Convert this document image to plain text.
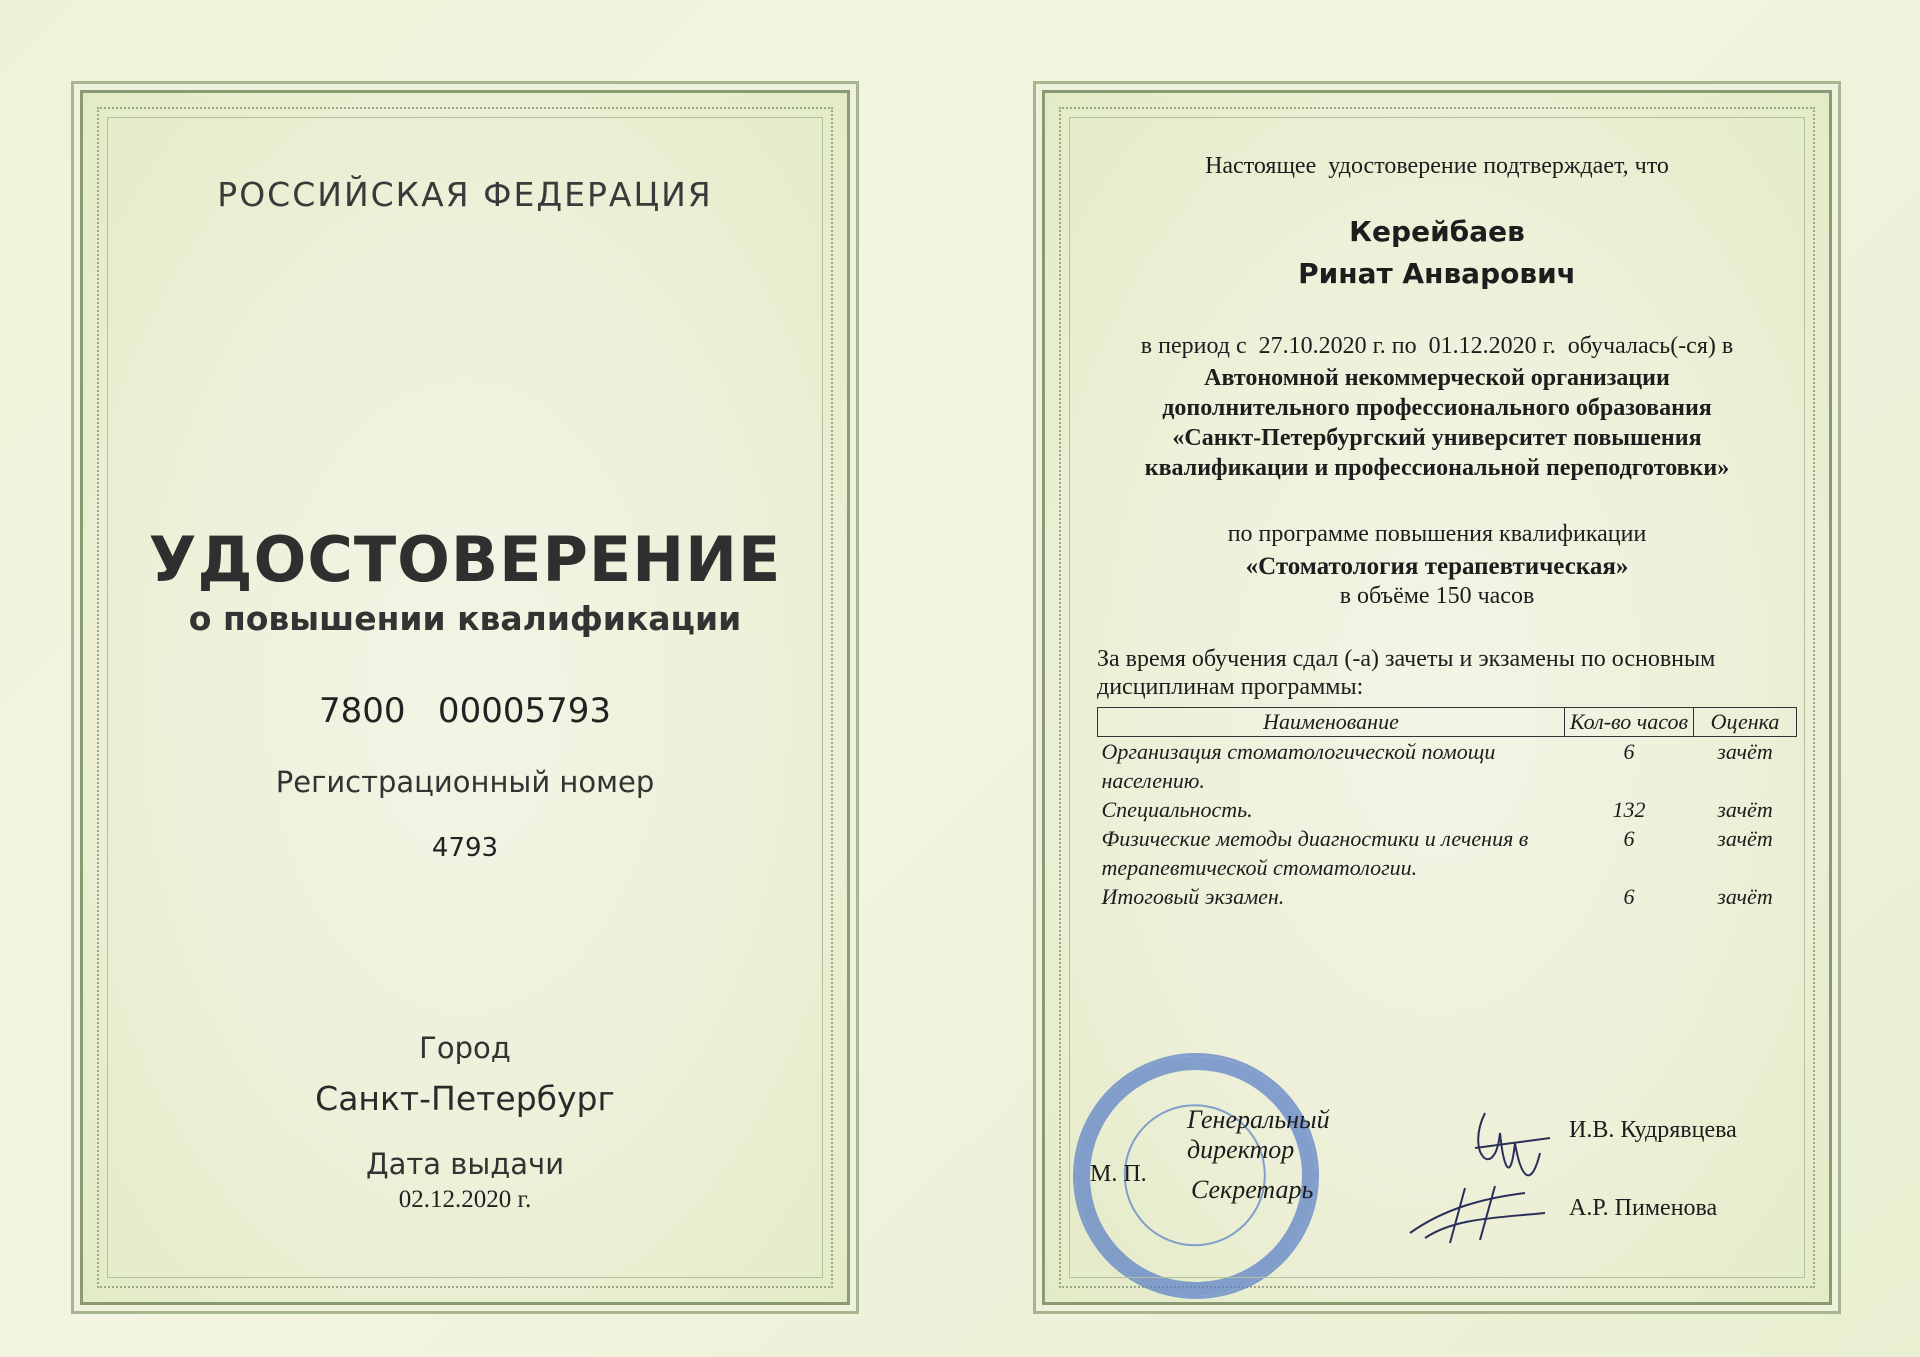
РОССИЙСКАЯ ФЕДЕРАЦИЯ
УДОСТОВЕРЕНИЕ
о повышении квалификации
7800   00005793
Регистрационный номер
4793
Город
Санкт-Петербург
Дата выдачи
02.12.2020 г.
Настоящее  удостоверение подтверждает, что
Керейбаев
Ринат Анварович
в период с  27.10.2020 г. по  01.12.2020 г.  обучалась(-ся) в
Автономной некоммерческой организации
дополнительного профессионального образования
«Санкт-Петербургский университет повышения
квалификации и профессиональной переподготовки»
по программе повышения квалификации
«Стоматология терапевтическая»
в объёме 150 часов
За время обучения сдал (-а) зачеты и экзамены по основным дисциплинам программы:
Наименование	Кол-во часов	Оценка
Организация стоматологической помощи населению.	6	зачёт
Специальность.	132	зачёт
Физические методы диагностики и лечения в терапевтической стоматологии.	6	зачёт
Итоговый экзамен.	6	зачёт
М. П.
Генеральный директор
И.В. Кудрявцева
Секретарь
А.Р. Пименова
